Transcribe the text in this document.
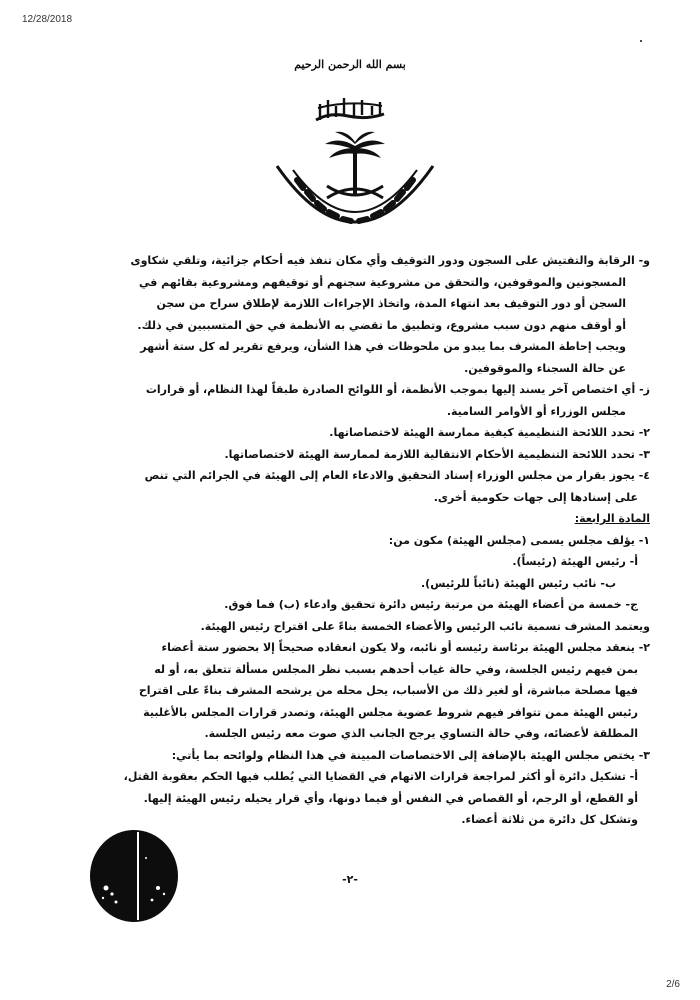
12/28/2018
بسم الله الرحمن الرحيم

و- الرقابة والتفتيش على السجون ودور التوقيف وأي مكان تنفذ فيه أحكام جزائية، وتلقي شكاوى

المسجونين والموقوفين، والتحقق من مشروعية سجنهم أو توقيفهم ومشروعية بقائهم في

السجن أو دور التوقيف بعد انتهاء المدة، واتخاذ الإجراءات اللازمة لإطلاق سراح من سجن

أو أوقف منهم دون سبب مشروع، وتطبيق ما تقضي به الأنظمة في حق المتسببين في ذلك.

ويجب إحاطة المشرف بما يبدو من ملحوظات في هذا الشأن، ويرفع تقرير له كل ستة أشهر

عن حالة السجناء والموقوفين.

ز- أي اختصاص آخر يسند إليها بموجب الأنظمة، أو اللوائح الصادرة طبقاً لهذا النظام، أو قرارات

مجلس الوزراء أو الأوامر السامية.

٢- تحدد اللائحة التنظيمية كيفية ممارسة الهيئة لاختصاصاتها.

٣- تحدد اللائحة التنظيمية الأحكام الانتقالية اللازمة لممارسة الهيئة لاختصاصاتها.

٤- يجوز بقرار من مجلس الوزراء إسناد التحقيق والادعاء العام إلى الهيئة في الجرائم التي تنص

على إسنادها إلى جهات حكومية أخرى.

المادة الرابعة:

١- يؤلف مجلس يسمى (مجلس الهيئة) مكون من:

أ- رئيس الهيئة (رئيساً).

ب- نائب رئيس الهيئة (نائباً للرئيس).

ج- خمسة من أعضاء الهيئة من مرتبة رئيس دائرة تحقيق وادعاء (ب) فما فوق.

ويعتمد المشرف تسمية نائب الرئيس والأعضاء الخمسة بناءً على اقتراح رئيس الهيئة.

٢- ينعقد مجلس الهيئة برئاسة رئيسه أو نائبه، ولا يكون انعقاده صحيحاً إلا بحضور ستة أعضاء

بمن فيهم رئيس الجلسة، وفي حالة غياب أحدهم بسبب نظر المجلس مسألة تتعلق به، أو له

فيها مصلحة مباشرة، أو لغير ذلك من الأسباب، يحل محله من يرشحه المشرف بناءً على اقتراح

رئيس الهيئة ممن تتوافر فيهم شروط عضوية مجلس الهيئة، وتصدر قرارات المجلس بالأغلبية

المطلقة لأعضائه، وفي حالة التساوي يرجح الجانب الذي صوت معه رئيس الجلسة.

٣- يختص مجلس الهيئة بالإضافة إلى الاختصاصات المبينة في هذا النظام ولوائحه بما يأتي:

أ- تشكيل دائرة أو أكثر لمراجعة قرارات الاتهام في القضايا التي يُطلب فيها الحكم بعقوبة القتل،

أو القطع، أو الرجم، أو القصاص في النفس أو فيما دونها، وأي قرار يحيله رئيس الهيئة إليها.

وتشكل كل دائرة من ثلاثة أعضاء.

-٢-
2/6
